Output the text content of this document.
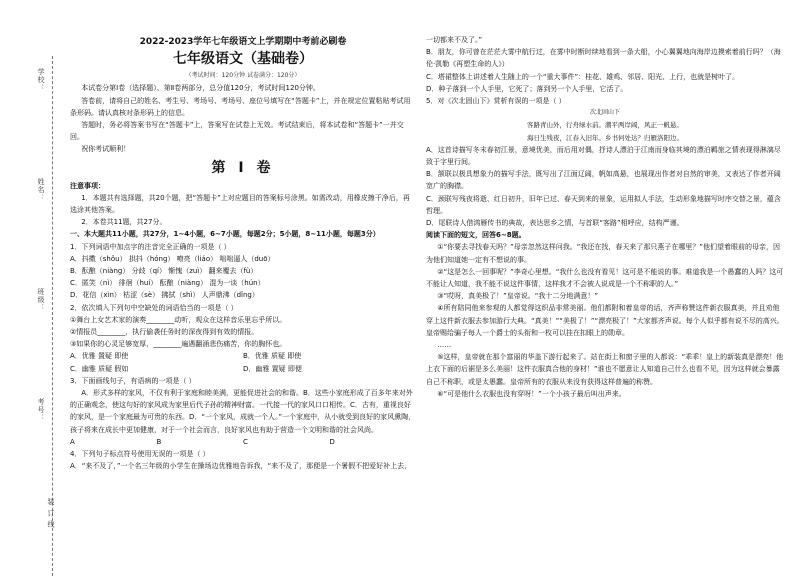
学校：
姓名：
班级：
考号：
装 订 线

2022-2023学年七年级语文上学期期中考前必刷卷

七年级语文（基础卷）

（考试时间：120分钟 试卷满分：120分）

本试卷分第Ⅰ卷（选择题）、第Ⅱ卷两部分，总分值120分，考试时间120分钟。

答卷前，请将自己的姓名、考生号、考场号、考场号、座位号填写在“答题卡”上，并在规定位置粘贴考试用条形码。请认真核对条形码上的信息。

答题时，务必将答案书写在“答题卡”上，答案写在试卷上无效。考试结束后，将本试卷和“答题卡”一并交回。

祝你考试顺利！

第 I 卷

注意事项：

1．本题共有选择题，共20个题，把“答题卡”上对应题目的答案标号涂黑。如需改动，用橡皮擦干净后，再选涂其他答案。

2．本卷共11题，共27分。

一、本大题共11小题，共27分，1~4小题，6~7小题，每题2分；5小题，8~11小题，每题3分）

1．下列词语中加点字的注音完全正确的一项是（ ）

A．抖擞（shǒu） 拱抖（hóng） 嘹亮（liáo） 咄咄逼人（duō）

B．酝酿（niàng） 分歧（qí） 惭愧（zuì） 翻来覆去（fù）

C．匿笑（nì） 徘徊（huí） 酝酿（niàng） 混为一谈（hún）

D．花信（xìn） 枯涩（sè） 拂拭（shì） 人声鼎沸（dǐng）

2．依次填入下列句中空缺处的词语恰当的一项是（ ）

①舞台上女艺术家的演奏________动听，观众在这样音乐里忘乎所以。

②情报员________，执行偷袭任务时的深夜得到有效的情报。

③如果你的心灵足够宽厚，________遍遇翻涌悲伤痛苦，你的胸怀也。

A．优雅 置疑 即使	B．优雅 质疑 即使
C．幽雅 质疑 假如	D．幽雅 置疑 即便

3．下面画线句子，有语病的一项是（ ）

A．形式多样的家风，不仅有利于家庭和睦美满，更能促进社会的和谐。B．这些小家庭形成了百多年来对外的正确观念，使这句好的家风成为家里后代子孙的精神财富。一代接一代的家风口口相传。C．古有，重视良好的家风，是一个家庭最为可贵的东西。D．“一个家风，成就一个人。”一个家庭中，从小就受到良好的家风熏陶，孩子将来在成长中更加健康，对于一个社会而言，良好家风也有助于营造一个文明和谐的社会风尚。

A	B	C	D

4．下列句子标点符号使用无误的一项是（ ）

A．“来不及了，”一个名三年级的小学生在操场边优雅地告诉我，“来不及了，那便是一个暑假不把爱好补上去，

一切都来不及了。”

B．朋友，你可曾在茫茫大雾中航行过，在雾中时断时续地看到一条大船，小心翼翼地向海岸边摸索着前行吗？（海伦·凯勒《再塑生命的人》）

C．塔裙整体上讲述着人生随上的一个“重大事件”：桂花、雄鸡、邻居、阳光、上行，也就是树叶了。

D．种子落到一个人手里，它死了；落到另一个人手里，它活了。

5．对《次北固山下》赏析有误的一项是（ ）

次北固山下

客路青山外，行舟绿水前。潮平两岸阔，风正一帆悬。

海日生残夜，江春入旧年。乡书何处达？归雁洛阳边。

A．这首诗描写冬末春初江景，意境优美，而后用对偶，抒诗人漂泊于江南而身临其境的漂泊羁旅之情表现得淋漓尽致于字里行间。

B．颔联以极具想象力的描写手法，既写出了江面辽阔，帆如高悬，也展现出作者对自然的审美，又表达了作者开阔宽广的胸襟。

C．颈联写残夜将逝、红日初升，旧年已过、春天到来的景象，运用拟人手法，生动形象地描写时序交替之景，蕴含哲理。

D．尾联诗人借鸿雁传书的典故，表达思乡之情，与首联“客路”相呼应，结构严谨。

阅读下面的短文，回答6~8题。

①“你要去寻找春天吗？”母亲忽然这样问我。“我还在找，春天来了那只燕子在哪里？”他们望着眼前的母亲，因为他们知道她一定有不想说的事。

②“这是怎么一回事呢？”李奇心里想。“我什么也没有看见！这可是不能说的事。难道我是一个愚蠢的人吗？这可不能让人知道，我不能不说这件事情，这样我才不会被人说成是一个不称职的人。”

③“哎呀，真美极了！”皇帝说。“我十二分地满意！”

④所有陪同他来参观的人都觉得这织品非常美丽。他们都附和着皇帝的话，齐声称赞这件新衣服真美，并且劝他穿上这件新衣服去参加游行大典。“真美！”“美极了！”“漂亮极了！”大家都齐声说。每个人似乎都有说不尽的高兴。皇帝赐给骗子每人一个爵士的头衔和一枚可以挂在扣眼上的勋章。

……

⑤这样，皇帝就在那个富丽的华盖下游行起来了。站在街上和窗子里的人都说：“乖乖！皇上的新装真是漂亮！他上衣下面的后裾是多么美丽！这件衣服真合他的身材！”谁也不愿意让人知道自己什么也看不见，因为这样就会暴露自己不称职，或是太愚蠢。皇帝所有的衣服从来没有获得这样普遍的称赞。

⑥“可是他什么衣服也没有穿呀！”一个小孩子最后叫出声来。
